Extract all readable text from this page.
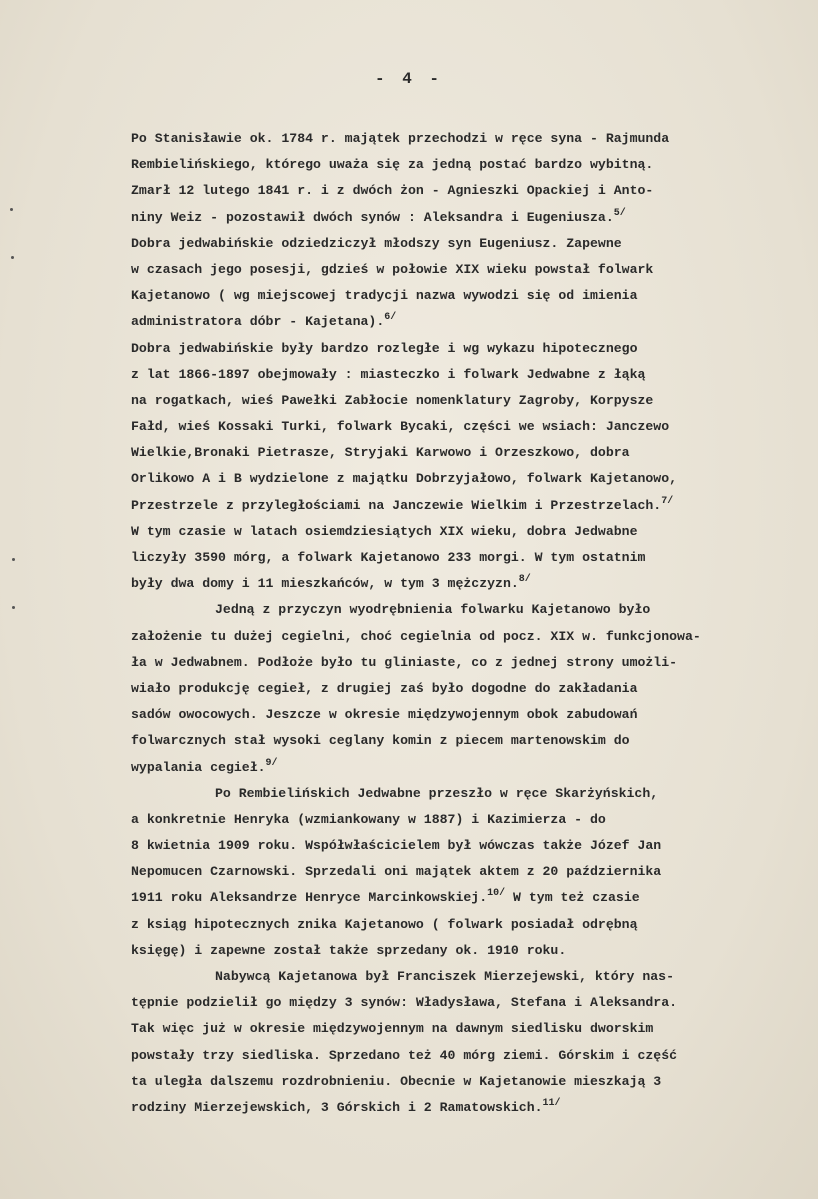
- 4 -
Po Stanisławie ok. 1784 r. majątek przechodzi w ręce syna - Rajmunda
Rembielińskiego, którego uważa się za jedną postać bardzo wybitną.
Zmarł 12 lutego 1841 r. i z dwóch żon - Agnieszki Opackiej i Anto-
niny Weiz - pozostawił dwóch synów : Aleksandra i Eugeniusza.$^{5/}$
Dobra jedwabińskie odziedziczył młodszy syn Eugeniusz. Zapewne
w czasach jego posesji, gdzieś w połowie XIX wieku powstał folwark
Kajetanowo ( wg miejscowej tradycji nazwa wywodzi się od imienia
administratora dóbr - Kajetana).$^{6/}$
Dobra jedwabińskie były bardzo rozległe i wg wykazu hipotecznego
z lat 1866-1897 obejmowały : miasteczko i folwark Jedwabne z łąką
na rogatkach, wieś Pawełki Zabłocie nomenklatury Zagroby, Korpysze
Fałd, wieś Kossaki Turki, folwark Bycaki, części we wsiach: Janczewo
Wielkie,Bronaki Pietrasze, Stryjaki Karwowo i Orzeszkowo, dobra
Orlikowo A i B wydzielone z majątku Dobrzyjałowo, folwark Kajetanowo,
Przestrzele z przyległościami na Janczewie Wielkim i Przestrzelach.$^{7/}$
W tym czasie w latach osiemdziesiątych XIX wieku, dobra Jedwabne
liczyły 3590 mórg, a folwark Kajetanowo 233 morgi. W tym ostatnim
były dwa domy i 11 mieszkańców, w tym 3 mężczyzn.$^{8/}$
Jedną z przyczyn wyodrębnienia folwarku Kajetanowo było
założenie tu dużej cegielni, choć cegielnia od pocz. XIX w. funkcjonowa-
ła w Jedwabnem. Podłoże było tu gliniaste, co z jednej strony umożli-
wiało produkcję cegieł, z drugiej zaś było dogodne do zakładania
sadów owocowych. Jeszcze w okresie międzywojennym obok zabudowań
folwarcznych stał wysoki ceglany komin z piecem martenowskim do
wypalania cegieł.$^{9/}$
Po Rembielińskich Jedwabne przeszło w ręce Skarżyńskich,
a konkretnie Henryka (wzmiankowany w 1887) i Kazimierza - do
8 kwietnia 1909 roku. Współwłaścicielem był wówczas także Józef Jan
Nepomucen Czarnowski. Sprzedali oni majątek aktem z 20 października
1911 roku Aleksandrze Henryce Marcinkowskiej.$^{10/}$ W tym też czasie
z ksiąg hipotecznych znika Kajetanowo ( folwark posiadał odrębną
księgę) i zapewne został także sprzedany ok. 1910 roku.
Nabywcą Kajetanowa był Franciszek Mierzejewski, który nas-
tępnie podzielił go między 3 synów: Władysława, Stefana i Aleksandra.
Tak więc już w okresie międzywojennym na dawnym siedlisku dworskim
powstały trzy siedliska. Sprzedano też 40 mórg ziemi. Górskim i część
ta uległa dalszemu rozdrobnieniu. Obecnie w Kajetanowie mieszkają 3
rodziny Mierzejewskich, 3 Górskich i 2 Ramatowskich.$^{11/}$
